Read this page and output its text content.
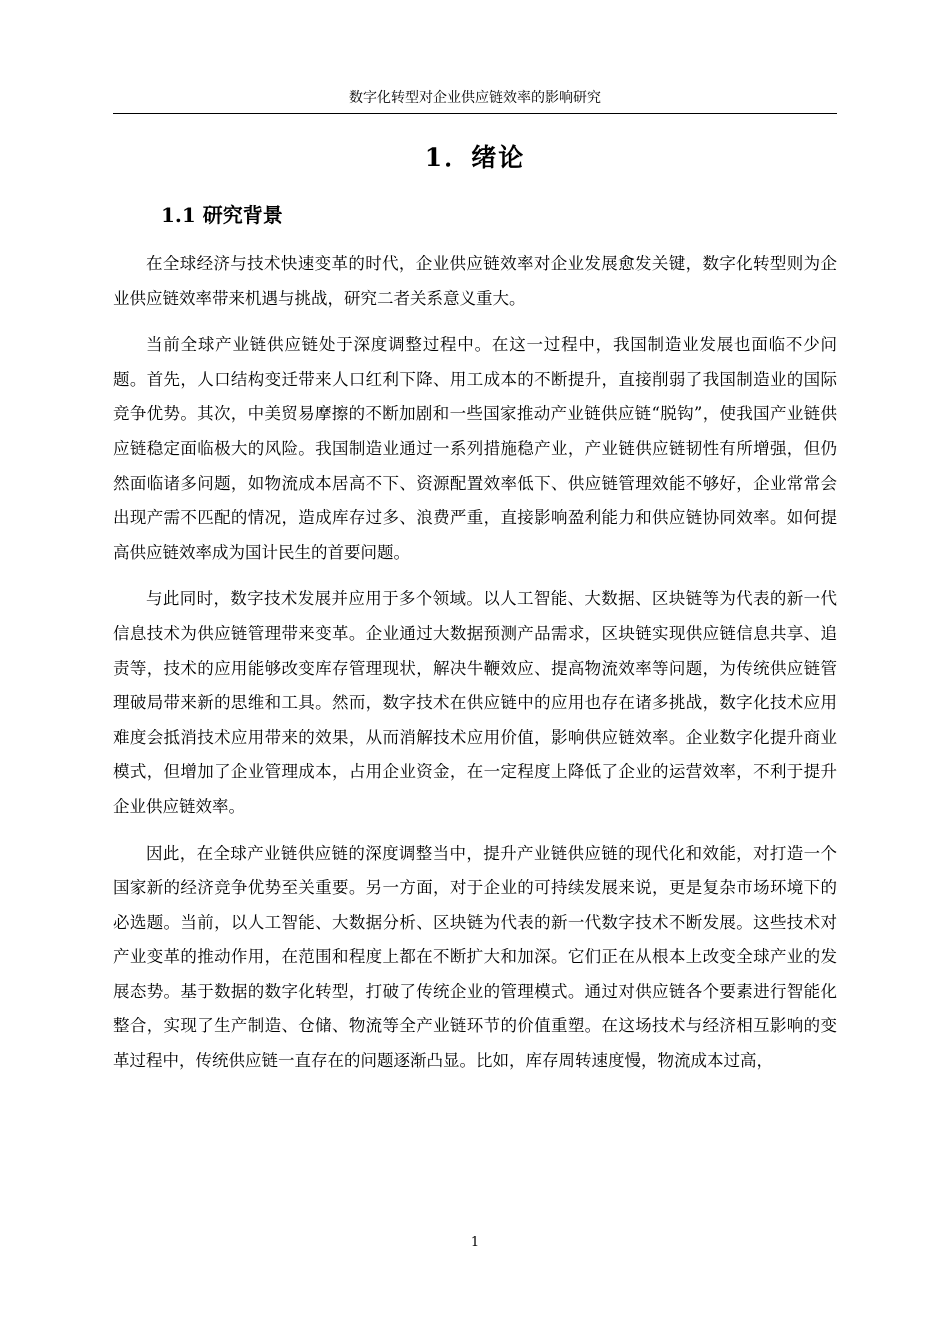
数字化转型对企业供应链效率的影响研究
1．绪论
1.1 研究背景

在全球经济与技术快速变革的时代，企业供应链效率对企业发展愈发关键，数字化转型则为企业供应链效率带来机遇与挑战，研究二者关系意义重大。

当前全球产业链供应链处于深度调整过程中。在这一过程中，我国制造业发展也面临不少问题。首先，人口结构变迁带来人口红利下降、用工成本的不断提升，直接削弱了我国制造业的国际竞争优势。其次，中美贸易摩擦的不断加剧和一些国家推动产业链供应链“脱钩”，使我国产业链供应链稳定面临极大的风险。我国制造业通过一系列措施稳产业，产业链供应链韧性有所增强，但仍然面临诸多问题，如物流成本居高不下、资源配置效率低下、供应链管理效能不够好，企业常常会出现产需不匹配的情况，造成库存过多、浪费严重，直接影响盈利能力和供应链协同效率。如何提高供应链效率成为国计民生的首要问题。

与此同时，数字技术发展并应用于多个领域。以人工智能、大数据、区块链等为代表的新一代信息技术为供应链管理带来变革。企业通过大数据预测产品需求，区块链实现供应链信息共享、追责等，技术的应用能够改变库存管理现状，解决牛鞭效应、提高物流效率等问题，为传统供应链管理破局带来新的思维和工具。然而，数字技术在供应链中的应用也存在诸多挑战，数字化技术应用难度会抵消技术应用带来的效果，从而消解技术应用价值，影响供应链效率。企业数字化提升商业模式，但增加了企业管理成本，占用企业资金，在一定程度上降低了企业的运营效率，不利于提升企业供应链效率。

因此，在全球产业链供应链的深度调整当中，提升产业链供应链的现代化和效能，对打造一个国家新的经济竞争优势至关重要。另一方面，对于企业的可持续发展来说，更是复杂市场环境下的必选题。当前，以人工智能、大数据分析、区块链为代表的新一代数字技术不断发展。这些技术对产业变革的推动作用，在范围和程度上都在不断扩大和加深。它们正在从根本上改变全球产业的发展态势。基于数据的数字化转型，打破了传统企业的管理模式。通过对供应链各个要素进行智能化整合，实现了生产制造、仓储、物流等全产业链环节的价值重塑。在这场技术与经济相互影响的变革过程中，传统供应链一直存在的问题逐渐凸显。比如，库存周转速度慢，物流成本过高，

1
